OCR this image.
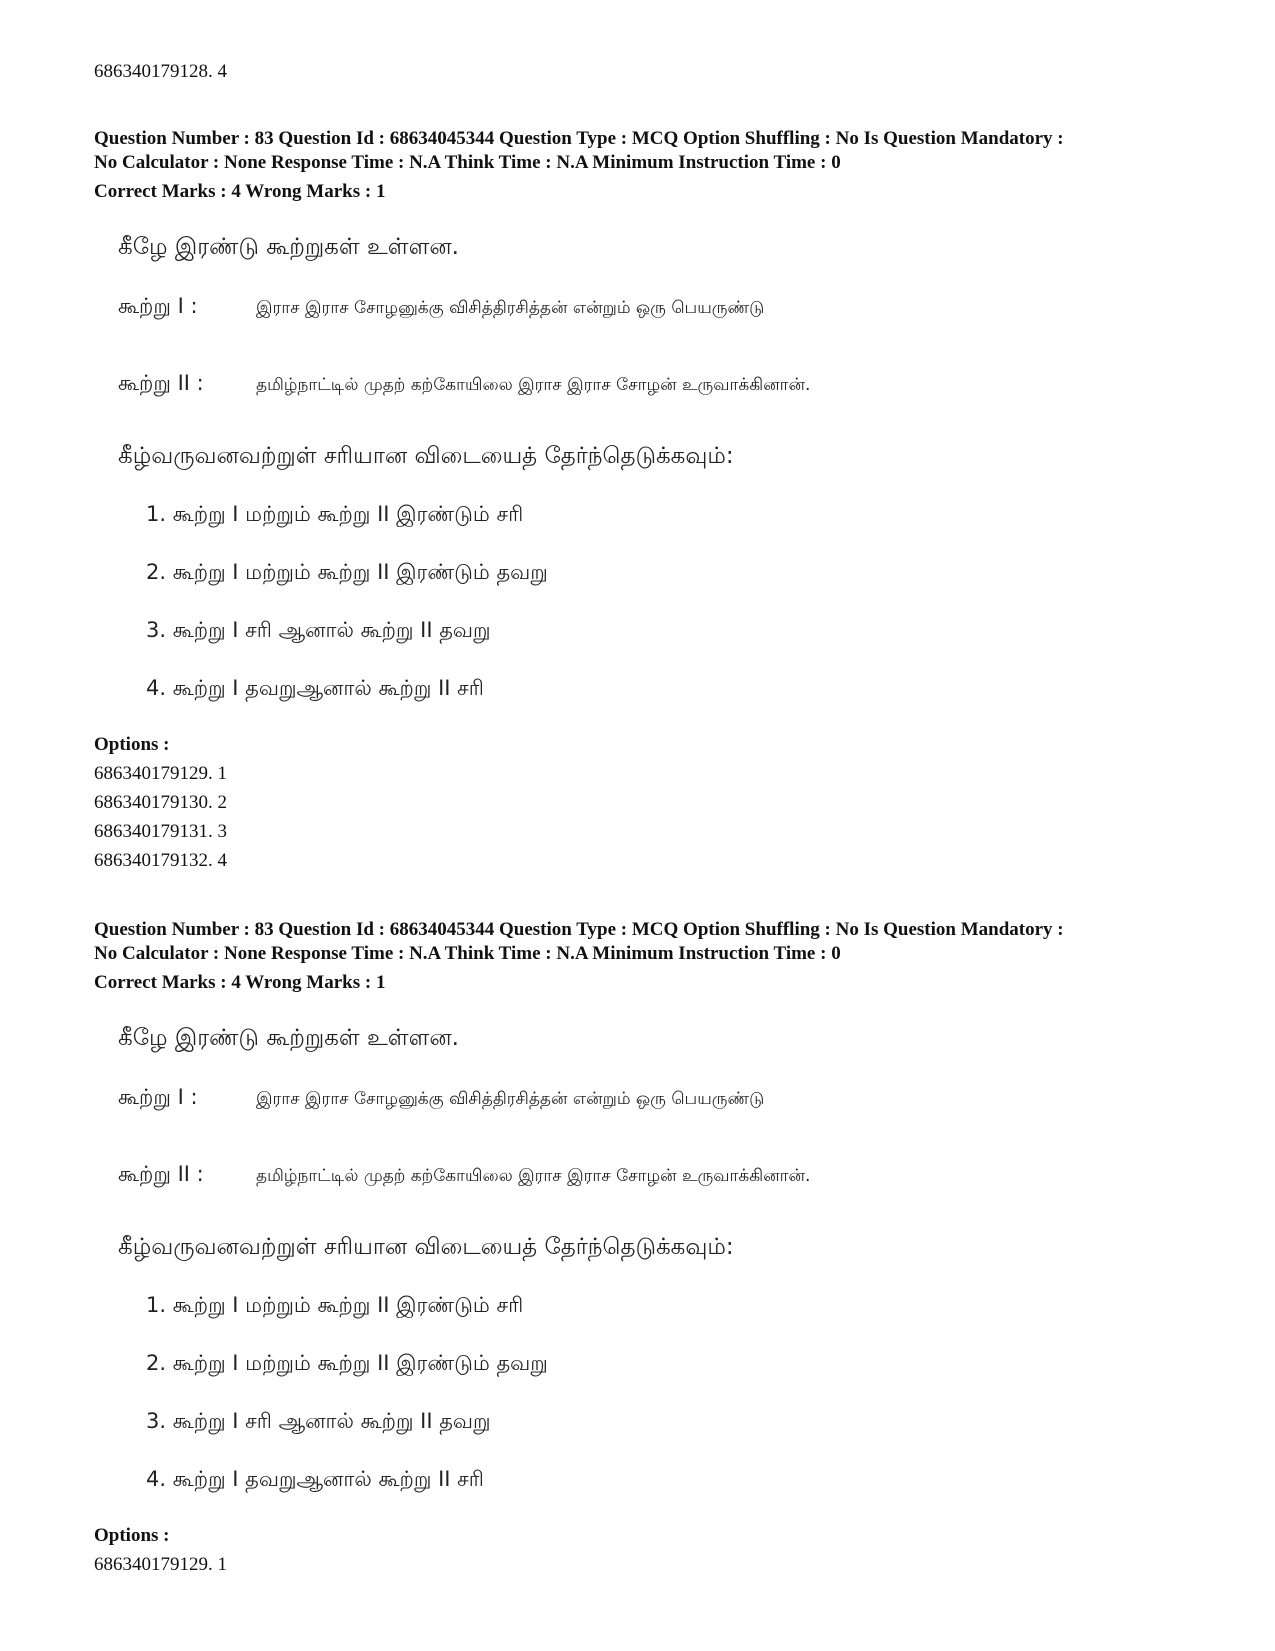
686340179128. 4
Question Number : 83 Question Id : 68634045344 Question Type : MCQ Option Shuffling : No Is Question Mandatory :
No Calculator : None Response Time : N.A Think Time : N.A Minimum Instruction Time : 0
Correct Marks : 4 Wrong Marks : 1
கீழே இரண்டு கூற்றுகள் உள்ளன.
கூற்று I :	இராச இராச சோழனுக்கு விசித்திரசித்தன் என்றும் ஒரு பெயருண்டு
கூற்று II :	தமிழ்நாட்டில் முதற் கற்கோயிலை இராச இராச சோழன் உருவாக்கினான்.
கீழ்வருவனவற்றுள் சரியான விடையைத் தேர்ந்தெடுக்கவும்:
1. கூற்று I மற்றும் கூற்று II இரண்டும் சரி
2. கூற்று I மற்றும் கூற்று II இரண்டும் தவறு
3. கூற்று I சரி ஆனால் கூற்று II தவறு
4. கூற்று I தவறுஆனால் கூற்று II சரி
Options :
686340179129. 1
686340179130. 2
686340179131. 3
686340179132. 4
Question Number : 83 Question Id : 68634045344 Question Type : MCQ Option Shuffling : No Is Question Mandatory :
No Calculator : None Response Time : N.A Think Time : N.A Minimum Instruction Time : 0
Correct Marks : 4 Wrong Marks : 1
கீழே இரண்டு கூற்றுகள் உள்ளன.
கூற்று I :	இராச இராச சோழனுக்கு விசித்திரசித்தன் என்றும் ஒரு பெயருண்டு
கூற்று II :	தமிழ்நாட்டில் முதற் கற்கோயிலை இராச இராச சோழன் உருவாக்கினான்.
கீழ்வருவனவற்றுள் சரியான விடையைத் தேர்ந்தெடுக்கவும்:
1. கூற்று I மற்றும் கூற்று II இரண்டும் சரி
2. கூற்று I மற்றும் கூற்று II இரண்டும் தவறு
3. கூற்று I சரி ஆனால் கூற்று II தவறு
4. கூற்று I தவறுஆனால் கூற்று II சரி
Options :
686340179129. 1
